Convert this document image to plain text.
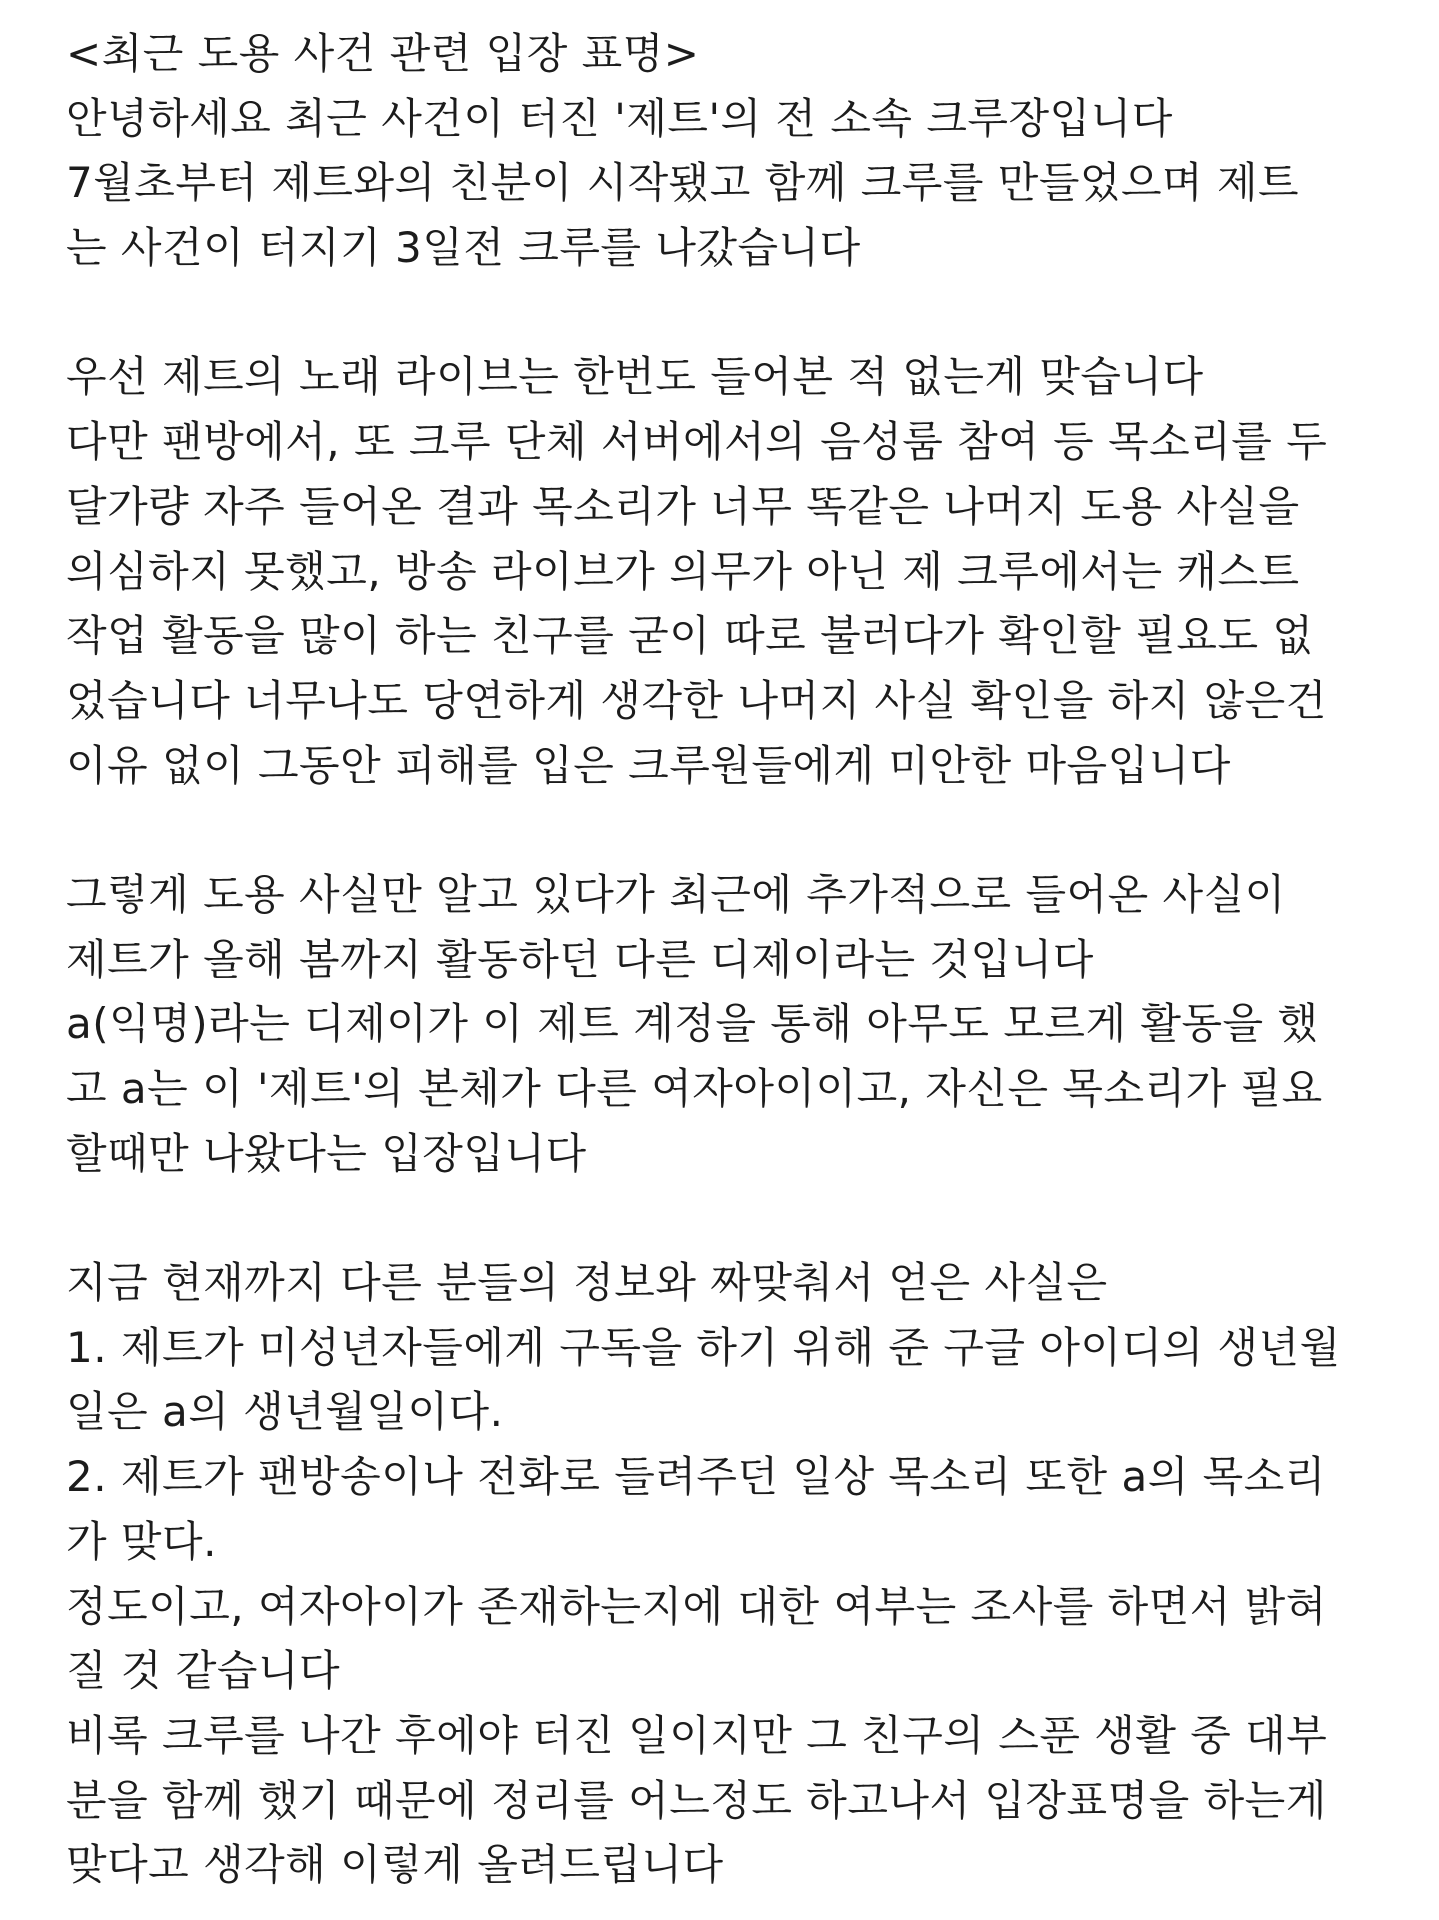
<최근 도용 사건 관련 입장 표명>
안녕하세요 최근 사건이 터진 '제트'의 전 소속 크루장입니다
7월초부터 제트와의 친분이 시작됐고 함께 크루를 만들었으며 제트
는 사건이 터지기 3일전 크루를 나갔습니다
우선 제트의 노래 라이브는 한번도 들어본 적 없는게 맞습니다
다만 팬방에서, 또 크루 단체 서버에서의 음성룸 참여 등 목소리를 두
달가량 자주 들어온 결과 목소리가 너무 똑같은 나머지 도용 사실을
의심하지 못했고, 방송 라이브가 의무가 아닌 제 크루에서는 캐스트
작업 활동을 많이 하는 친구를 굳이 따로 불러다가 확인할 필요도 없
었습니다 너무나도 당연하게 생각한 나머지 사실 확인을 하지 않은건
이유 없이 그동안 피해를 입은 크루원들에게 미안한 마음입니다
그렇게 도용 사실만 알고 있다가 최근에 추가적으로 들어온 사실이
제트가 올해 봄까지 활동하던 다른 디제이라는 것입니다
a(익명)라는 디제이가 이 제트 계정을 통해 아무도 모르게 활동을 했
고 a는 이 '제트'의 본체가 다른 여자아이이고, 자신은 목소리가 필요
할때만 나왔다는 입장입니다
지금 현재까지 다른 분들의 정보와 짜맞춰서 얻은 사실은
1. 제트가 미성년자들에게 구독을 하기 위해 준 구글 아이디의 생년월
일은 a의 생년월일이다.
2. 제트가 팬방송이나 전화로 들려주던 일상 목소리 또한 a의 목소리
가 맞다.
정도이고, 여자아이가 존재하는지에 대한 여부는 조사를 하면서 밝혀
질 것 같습니다
비록 크루를 나간 후에야 터진 일이지만 그 친구의 스푼 생활 중 대부
분을 함께 했기 때문에 정리를 어느정도 하고나서 입장표명을 하는게
맞다고 생각해 이렇게 올려드립니다
